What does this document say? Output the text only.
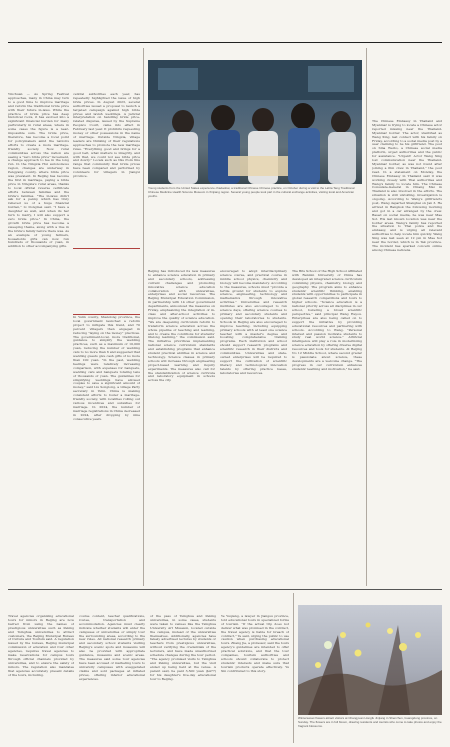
Yinchuan — As Spring Festival approaches, many in China may turn to a good time to improve marriage and reform the traditional bride price with their future in-laws. While the practice of bride price has deep historical roots, it has evolved into a significant financial burden for many particularly in rural areas, where in some cases the figure is a near-impossible sum. The bride price, therefore, has become a focal point for policymakers amid the nation's efforts to create a more marriage-friendly society. Now rural communities across the nation are seeing a "zero bride price" movement, a change approach to fee in the long run. In the Ningxia Hui autonomous region, changes are underway in Pengyang county, where bride price was prevalent. In Beijing has become the first in marriage, paying a bride price in Ningxia's rural areas, thanks to local official reverse certificate efforts between families and the bride's families. "The in-laws didn't ask for a penny, which has truly relieved us of a huge financial burden," Li Dongmei said. "I have a daughter as well, and when its her turn to marry, I will also support a zero bride price." In China, the growth bride price has become a sweeping theme, along with a rise in the bride's family before there was. As an example of young farmers, households gifts can now run hundreds of thousands of yuan, in addition to other accompanying gifts.
central authorities each year, has repeatedly highlighted the issue of high bride prices. In August 2023, several authorities issued a proposal to launch a targeted campaign against high bride prices and lavish weddings. A judicial interpretation on handling bride price-related disputes, issued by the Supreme People's Court, came into effect in February last year. It prohibits requesting money or other possessions in the name of marriage. Outside Ningxia, village leaders are thinking of their regulations approaches to promote the new marriage rules. "Everything good and brings for a good belt, what matters is integrity, and with that, we could not see bride price and dowry." Locals such as this from this range that community that bride prices have been compared and performed by volunteers for villagers in Jiangxi province.
In Yulin county, Shandong province, the local government launched a reform project to mitigate this trend, and 70 percent villagers then engaged in reducing "laying on the money" practices. The government-local, more traditional, guidance to simplify the wedding practices, such as a maximum of 10,000 yuan, reducing the number of wedding cars to no more than 6 and suggested that wedding guests give cash gifts of no more than 100 yuan. "In the past, wedding feelings were relatively increasing comparison, with expenses for banquets, wedding cars and banquets totaling tens of thousands of yuan. The guidelines for simplifying weddings have allowed couples to save a significant amount of money," said Liu Songlong, a village Party secretary in Yulin. China is making consistent efforts to foster a marriage-friendly society, with localities rolling out various incentives and subsidies for marriage. In 2024, the number of marriage registrations in China decreased in 2024, after dropping by nine consecutive years.
Young students from the United States experience chadaobai, a traditional Chinese Chinese practice, on October during a visit to the Lahta Tang Traditional Chinese Medicine Health Science Museum in Xinjiang region. Several young people took part in the cultural exchange activities, visiting local and American youths.
Beijing has introduced its new measures to enhance science education in primary and secondary schools, addressing current challenges and promoting innovative science education collaboration with universities, enterprises and social resources. The Beijing Municipal Education Commission, in partnership with 14 other government departments, announced the measures on Friday, emphasizing the integration of in-class and after-school activities to improve the quality of science education. "We are deepening curriculum reform to transform science education across the whole pipeline of teaching and learning, and to create the conditions for students' lifelong learning," the commission said. The initiative prioritizes implementing national science curriculum standards and establishing programs that enhance student practical abilities in science and technology. Science classes in primary schools will increase through engineering project-based learning and inquiry experiments. The measures also call for the standardization of science curricula and laboratory equipment in schools across the city.
encouraged to adopt interdisciplinary science course, and practical course in middle school physics, chemistry and biology will become mandatory. According to the measures, schools must "provide a fertile ground for students to explore science, engineering, technology and mathematics through innovative activities." Universities and research institutes are also encouraged to run science days, offering science courses to primary and secondary students and opening their laboratories to students. Schools in Beijing are also encouraged to improve teaching, including equipping primary schools with at least one science teacher with a master's degree and boosting comprehensive training programs. Each institution and school should support research programs and scientific research in their districts and communities. Universities and state-owned enterprises will be required to support the cultivation of scientific literacy and technological innovation talents by offering practice bases, laboratories and resources.
The Bits School of the High School Affiliated with Renmin University of China has developed an integrated science curriculum combining physics, chemistry, biology and geography. The program aims to enhance students' scientific thinking, enabling students with opportunities to participate in global research competitions and tours to higher schools. "Science education is a national priority across all disciplines in our school, fostering a broad scientific perspective," said principal Wang Heyou. Enterprises are also being called on to support the initiative by providing educational resources and partnering with schools. According to Wang, "Personal interest and passion motivate students to study real world science." Artificial intelligence will play a role in modernizing science education by offering diverse digital resources and tools for students. At Beijing No 12 Middle School, where second grader is passionate about science, these developments are a welcome change. "The progress in our curriculum enhances students' learning and motivation," he said.
The Chinese Embassy in Thailand and Myanmar is trying to locate a Chinese actor reported missing near the Thailand-Myanmar border. The actor, identified as Wang Xing, last contact with his family on Friday, according to a social media post by a user claiming to be his girlfriend. The post on Sina Weibo, a Chinese social media platform, urged authorities and the public for assistance. "Urgent! Actor Wang Xing lost communication near the Thailand-Myanmar border, as was not found after joining a film crew in Thailand," the post read. In a statement on Monday, the Chinese Embassy in Thailand said it was working closely with Thai authorities and Wang's family to locate him. The Chinese Consulate-General in Chiang Mai in Thailand is also involved in the efforts. The situation is still unfolding, investigation is ongoing. According to Wang's girlfriend's post, Wang departed Shanghai on Jan 3. He arrived in Bangkok the following morning and got in a car arranged by the crew. Based on social media, he was near Mae Sot. His last known location was near the border areas. Wang's family has reported the situation to Thai police and the embassy, and is urging all relevant authorities to help locate him quickly. Wang Xing was last seen at 12 pm in Mae Sot near the border, which is in Tak province. The incident has sparked concern online among Chinese netizens.
Travel agencies organizing educational tours for minors in Beijing are now barred from using the names of prestigious universities such as Peking and Tsinghua universities to attract customers, the Beijing Municipal Bureau of Culture and Tourism said. A regulation issued by the bureau, Beijing municipal commission of education and four other agencies, requires travel agencies to make reservations for campus tours through official channels provided by universities, and to ensure the safety of minors. The regulation also mandates that agencies accurately present details of the tours, including.
course content, teacher qualifications, routes, transportation and accommodation. Agencies must clearly indicate whether students will enter the campuses of universities or simply tour the surrounding areas, according to the new rules. All national research primary and secondary school students visiting Beijing's scenic spots and museums will also be provided with appropriate guidance, museums and scenic areas. The measures said some tour agencies have been accused of marketing tours to university campuses with exaggerated claims and sold packages at inflated prices, offering inferior educational experiences.
of the pass of Tsinghua and Peking universities, in some cases, students were taken to venues like the Tsinghua University Art Museum, located outside the campus, instead of the universities themselves. Additionally, agencies have falsely advertised lectures by students or teachers from prestigious universities, without verifying the credentials of the lecturers, and have made unauthorized schedule changes during the tour period. "The agency promised visits to Tsinghua and Peking universities, but the visit ended up being held at the venue. A parent said, he paid 3,500 yuan ($477) for his daughter's five-day educational tour to Beijing.
Ye Yuqiang, a lawyer in Jiangsu province, told educational tours in specialized forms of tourism. "If the actual trip does not deliver what was promised in the contract, the travel agency is liable for breach of contract," Ye said, urging the public to use caution when purchasing educational tours. Zhang Jie, a professor, said the tours agency's guidelines are intended to offer practical solutions, and that the tour companies, tourism authorities and schools should collaborate to protect students' interests and make sure that tourism products operate effectively. Yu Xin contributed to this story.
Wintersweet flowers attract visitors at Changyuan Hongfu Jinjiang in Shenzhen, Guangdong province, on Sunday. The flowers are in full bloom, drawing residents and tourists who come to take photos and enjoy the fragrant blossoms.
